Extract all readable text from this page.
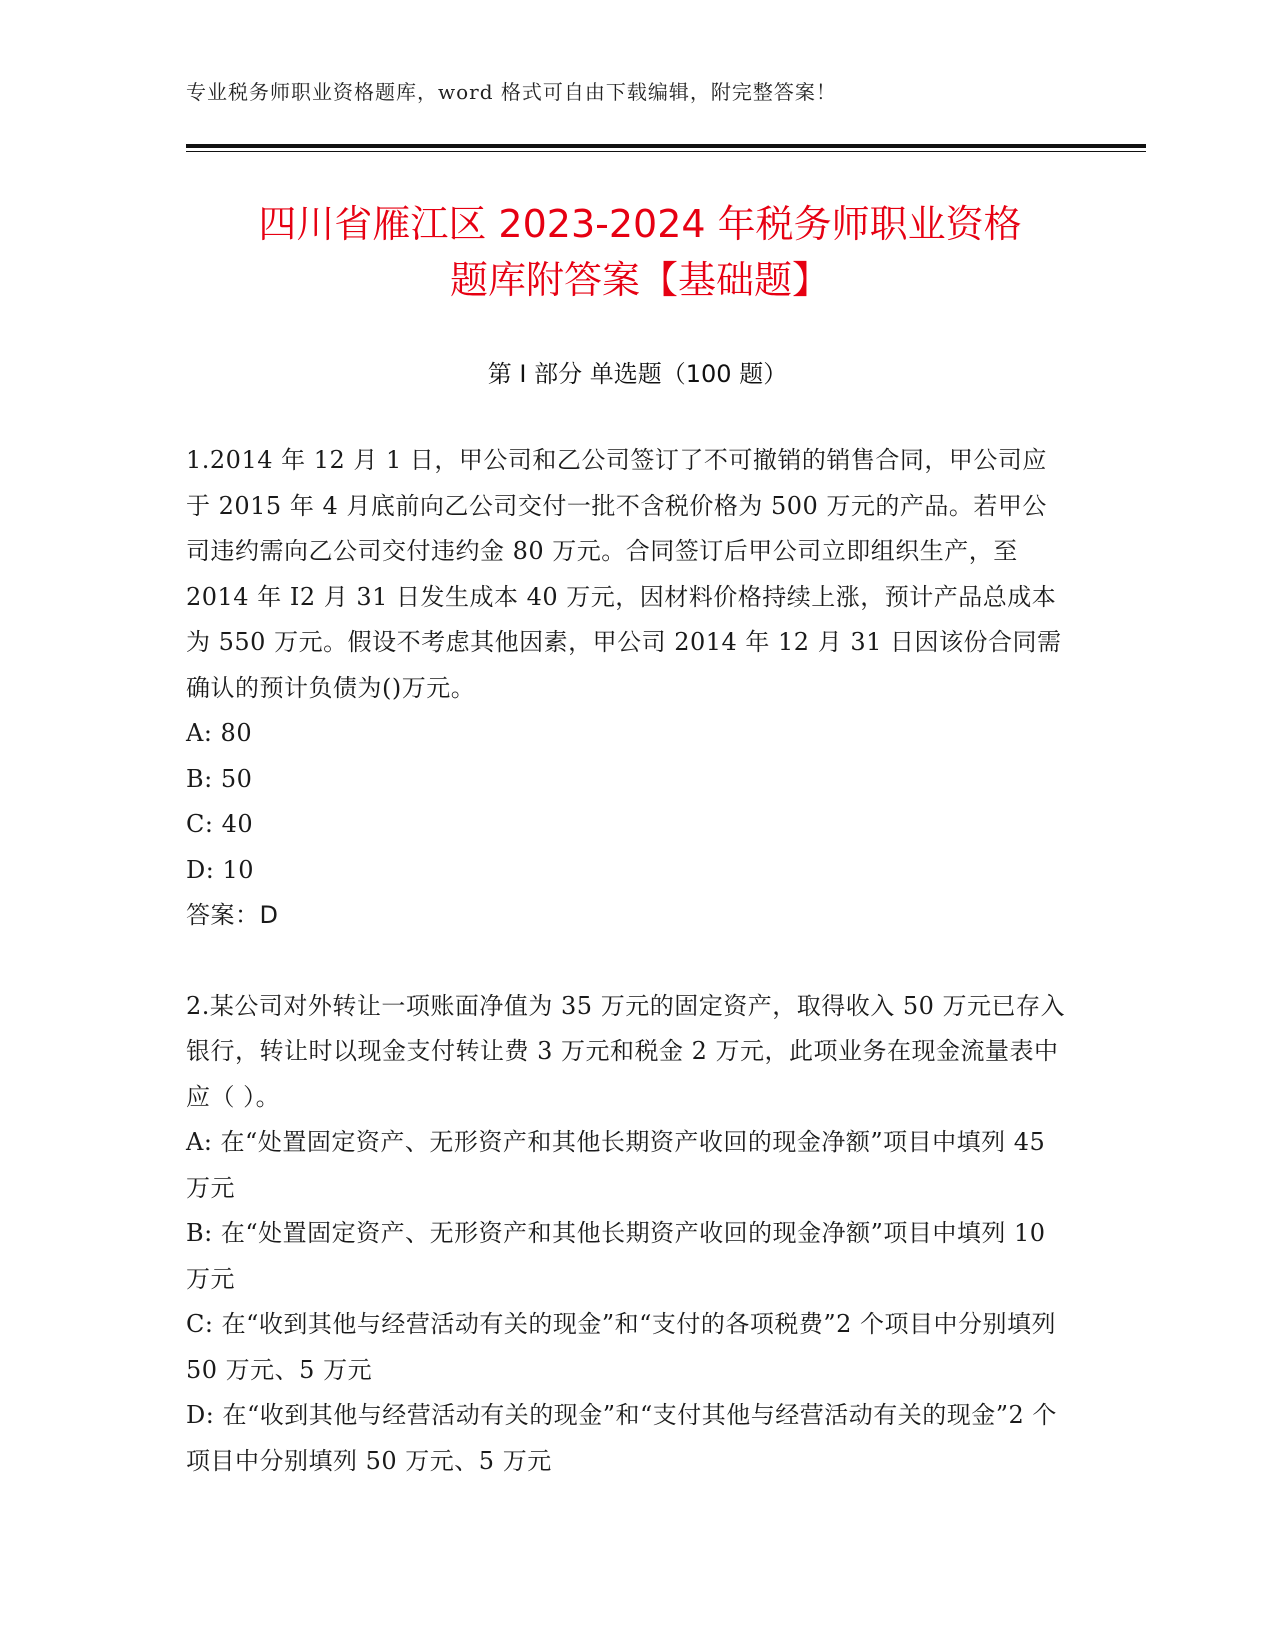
专业税务师职业资格题库，word 格式可自由下载编辑，附完整答案！
四川省雁江区 2023-2024 年税务师职业资格
题库附答案【基础题】
第 I 部分 单选题（100 题）

1.2014 年 12 月 1 日，甲公司和乙公司签订了不可撤销的销售合同，甲公司应于 2015 年 4 月底前向乙公司交付一批不含税价格为 500 万元的产品。若甲公司违约需向乙公司交付违约金 80 万元。合同签订后甲公司立即组织生产，至 2014 年 I2 月 31 日发生成本 40 万元，因材料价格持续上涨，预计产品总成本为 550 万元。假设不考虑其他因素，甲公司 2014 年 12 月 31 日因该份合同需确认的预计负债为()万元。

A: 80

B: 50

C: 40

D: 10

答案：D

2.某公司对外转让一项账面净值为 35 万元的固定资产，取得收入 50 万元已存入银行，转让时以现金支付转让费 3 万元和税金 2 万元，此项业务在现金流量表中应（ ）。

A: 在“处置固定资产、无形资产和其他长期资产收回的现金净额”项目中填列 45 万元

B: 在“处置固定资产、无形资产和其他长期资产收回的现金净额”项目中填列 10 万元

C: 在“收到其他与经营活动有关的现金”和“支付的各项税费”2 个项目中分别填列 50 万元、5 万元

D: 在“收到其他与经营活动有关的现金”和“支付其他与经营活动有关的现金”2 个项目中分别填列 50 万元、5 万元
